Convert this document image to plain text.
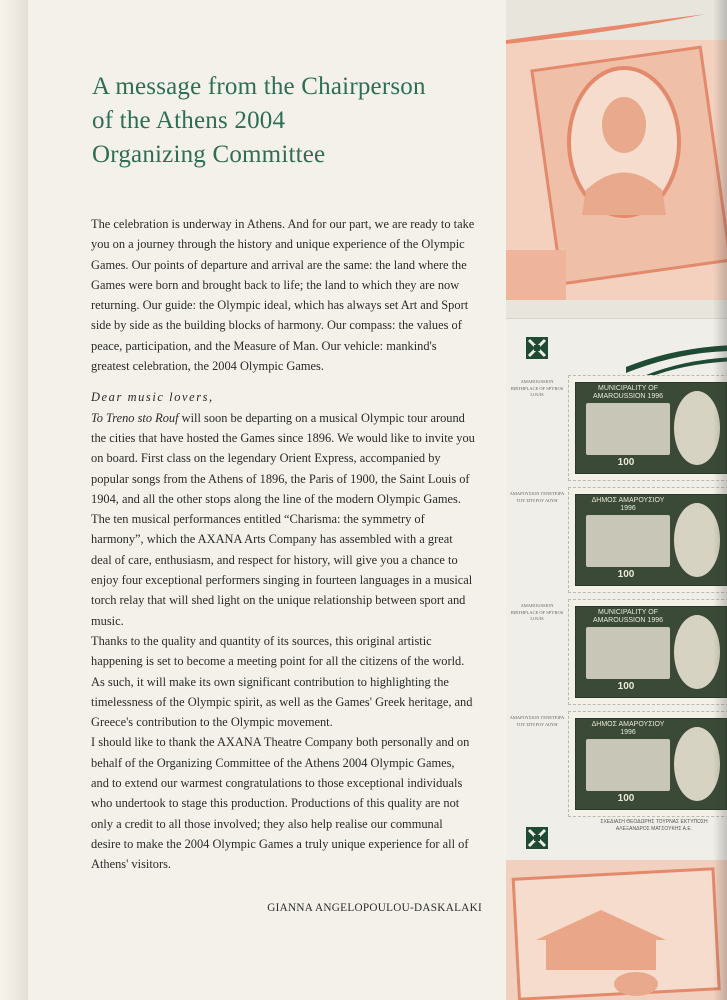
A message from the Chairperson
of the Athens 2004
Organizing Committee

The celebration is underway in Athens. And for our part, we are ready to take you on a journey through the history and unique experience of the Olympic Games. Our points of departure and arrival are the same: the land where the Games were born and brought back to life; the land to which they are now returning. Our guide: the Olympic ideal, which has always set Art and Sport side by side as the building blocks of harmony. Our compass: the values of peace, participation, and the Measure of Man. Our vehicle: mankind's greatest celebration, the 2004 Olympic Games.

Dear music lovers,

To Treno sto Rouf will soon be departing on a musical Olympic tour around the cities that have hosted the Games since 1896. We would like to invite you on board. First class on the legendary Orient Express, accompanied by popular songs from the Athens of 1896, the Paris of 1900, the Saint Louis of 1904, and all the other stops along the line of the modern Olympic Games.

The ten musical performances entitled “Charisma: the symmetry of harmony”, which the AXANA Arts Company has assembled with a great deal of care, enthusiasm, and respect for history, will give you a chance to enjoy four exceptional performers singing in fourteen languages in a musical torch relay that will shed light on the unique relationship between sport and music.

Thanks to the quality and quantity of its sources, this original artistic happening is set to become a meeting point for all the citizens of the world. As such, it will make its own significant contribution to highlighting the timelessness of the Olympic spirit, as well as the Games' Greek heritage, and Greece's contribution to the Olympic movement.

I should like to thank the AXANA Theatre Company both personally and on behalf of the Organizing Committee of the Athens 2004 Olympic Games, and to extend our warmest congratulations to those exceptional individuals who undertook to stage this production. Productions of this quality are not only a credit to all those involved; they also help realise our communal desire to make the 2004 Olympic Games a truly unique experience for all of Athens' visitors.

GIANNA ANGELOPOULOU-DASKALAKI
AMAROUSSION BIRTHPLACE OF SPYROS LOUIS
MUNICIPALITY OF AMAROUSSION 1996
100
ΑΜΑΡΟΥΣΙΟΝ ΓΕΝΕΤΕΙΡΑ ΤΟΥ ΣΠΥΡΟΥ ΛΟΥΗ	ΔΗΜΟΣ ΑΜΑΡΟΥΣΙΟΥ 1996
100
AMAROUSSION BIRTHPLACE OF SPYROS LOUIS
MUNICIPALITY OF AMAROUSSION 1996
100
ΑΜΑΡΟΥΣΙΟΝ ΓΕΝΕΤΕΙΡΑ ΤΟΥ ΣΠΥΡΟΥ ΛΟΥΗ	ΔΗΜΟΣ ΑΜΑΡΟΥΣΙΟΥ 1996
100
ΣΧΕΔΙΑΣΗ ΘΕΟΔΩΡΗΣ ΤΟΥΡΝΑΣ ΕΚΤΥΠΩΣΗ ΑΛΕΞΑΝΔΡΟΣ ΜΑΤΣΟΥΚΗΣ Α.Ε.
